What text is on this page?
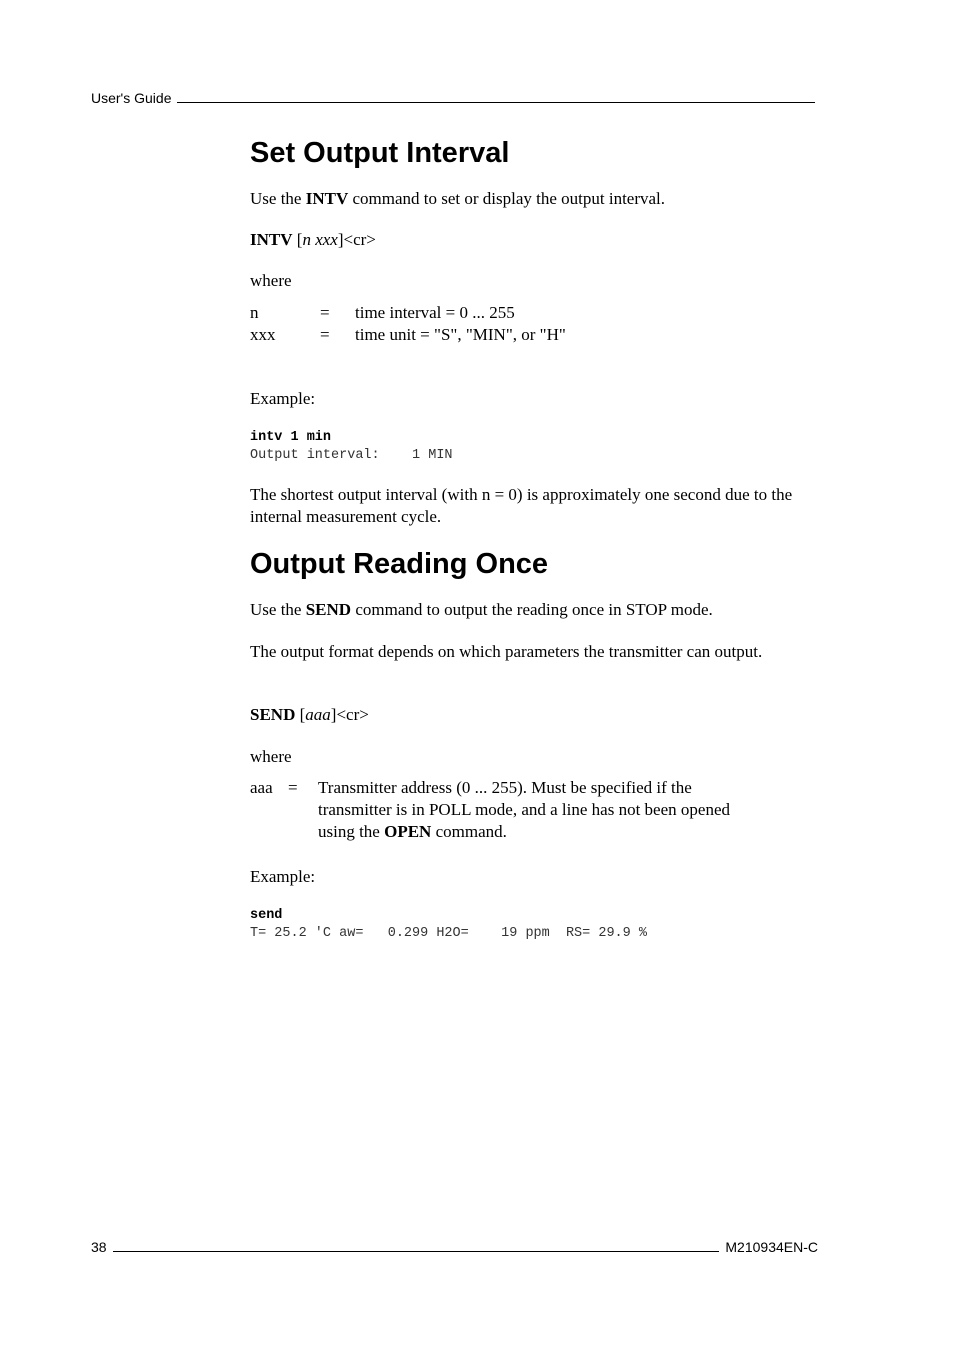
User's Guide
Set Output Interval

Use the INTV command to set or display the output interval.

INTV [n xxx]<cr>

where

n	=	time interval = 0 ... 255
xxx	=	time unit = "S", "MIN", or "H"

Example:

intv 1 min
Output interval:    1 MIN

The shortest output interval (with n = 0) is approximately one second due to the internal measurement cycle.

Output Reading Once

Use the SEND command to output the reading once in STOP mode.

The output format depends on which parameters the transmitter can output.

SEND [aaa]<cr>

where

aaa =	Transmitter address (0 ... 255). Must be specified if the
transmitter is in POLL mode, and a line has not been opened
using the OPEN command.

Example:

send
T= 25.2 'C aw=   0.299 H2O=    19 ppm  RS= 29.9 %
38	M210934EN-C
